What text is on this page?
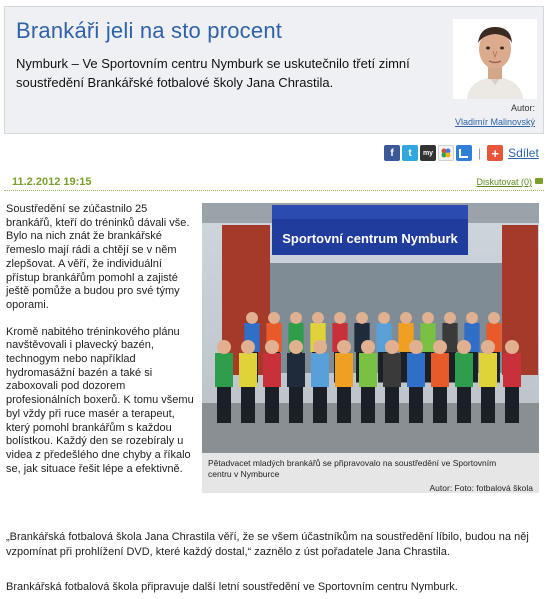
Brankáři jeli na sto procent
Nymburk – Ve Sportovním centru Nymburk se uskutečnilo třetí zimní soustředění Brankářské fotbalové školy Jana Chrastila.
Autor:
Vladimír Malinovský
f	t	my	| + Sdílet
11.2.2012 19:15	Diskutovat (0)

Soustředění se zúčastnilo 25 brankářů, kteří do tréninků dávali vše. Bylo na nich znát že brankářské řemeslo mají rádi a chtějí se v něm zlepšovat. A věří, že individuální přístup brankářům pomohl a zajisté ještě pomůže a budou pro své týmy oporami.

Kromě nabitého tréninkového plánu navštěvovali i plavecký bazén, technogym nebo například hydromasážní bazén a také si zaboxovali pod dozorem profesionálních boxerů. K tomu všemu byl vždy při ruce masér a terapeut, který pomohl brankářům s každou bolístkou. Každý den se rozebíraly u videa z předešlého dne chyby a říkalo se, jak situace řešit lépe a efektivně.

Sportovní centrum Nymburk
Pětadvacet mladých brankářů se připravovalo na soustředění ve Sportovním centru v Nymburce
Autor: Foto: fotbalová škola

„Brankářská fotbalová škola Jana Chrastila věří, že se všem účastníkům na soustředění líbilo, budou na něj vzpomínat při prohlížení DVD, které každý dostal,“ zaznělo z úst pořadatele Jana Chrastila.

Brankářská fotbalová škola připravuje další letní soustředění ve Sportovním centru Nymburk.
